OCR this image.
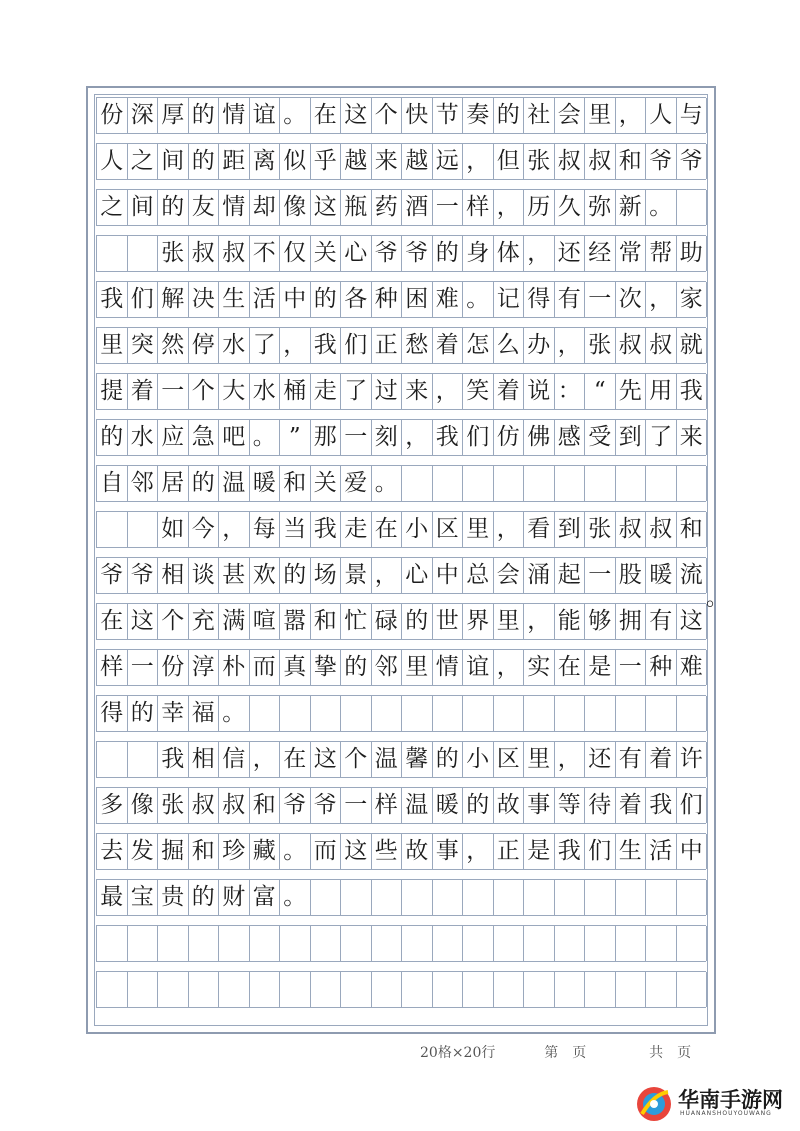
份 深 厚 的 情 谊 。 在 这 个 快 节 奏 的 社 会 里 ， 人 与
人 之 间 的 距 离 似 乎 越 来 越 远 ， 但 张 叔 叔 和 爷 爷
之 间 的 友 情 却 像 这 瓶 药 酒 一 样 ， 历 久 弥 新 。
张 叔 叔 不 仅 关 心 爷 爷 的 身 体 ， 还 经 常 帮 助
我 们 解 决 生 活 中 的 各 种 困 难 。 记 得 有 一 次 ， 家
里 突 然 停 水 了 ， 我 们 正 愁 着 怎 么 办 ， 张 叔 叔 就
提 着 一 个 大 水 桶 走 了 过 来 ， 笑 着 说 ： “ 先 用 我
的 水 应 急 吧 。 ” 那 一 刻 ， 我 们 仿 佛 感 受 到 了 来
自 邻 居 的 温 暖 和 关 爱 。
如 今 ， 每 当 我 走 在 小 区 里 ， 看 到 张 叔 叔 和
爷 爷 相 谈 甚 欢 的 场 景 ， 心 中 总 会 涌 起 一 股 暖 流
在 这 个 充 满 喧 嚣 和 忙 碌 的 世 界 里 ， 能 够 拥 有 这
样 一 份 淳 朴 而 真 挚 的 邻 里 情 谊 ， 实 在 是 一 种 难
得 的 幸 福 。
我 相 信 ， 在 这 个 温 馨 的 小 区 里 ， 还 有 着 许
多 像 张 叔 叔 和 爷 爷 一 样 温 暖 的 故 事 等 待 着 我 们
去 发 掘 和 珍 藏 。 而 这 些 故 事 ， 正 是 我 们 生 活 中
最 宝 贵 的 财 富 。
。
20格×20行	第　页	共　页
华南手游网
HUANANSHOUYOUWANG
